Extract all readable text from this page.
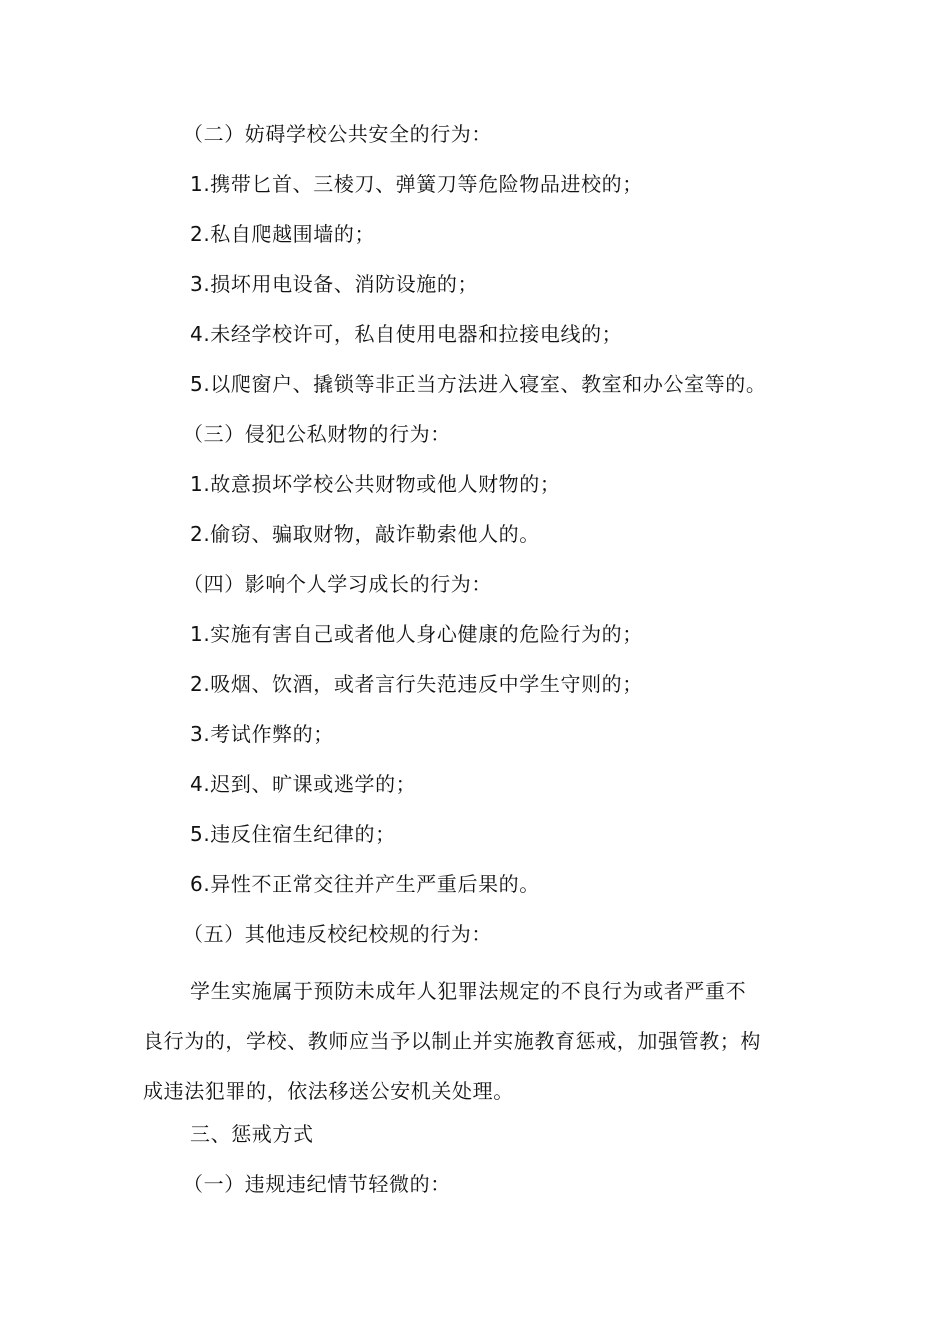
（二）妨碍学校公共安全的行为：
1.携带匕首、三棱刀、弹簧刀等危险物品进校的；
2.私自爬越围墙的；
3.损坏用电设备、消防设施的；
4.未经学校许可，私自使用电器和拉接电线的；
5.以爬窗户、撬锁等非正当方法进入寝室、教室和办公室等的。
（三）侵犯公私财物的行为：
1.故意损坏学校公共财物或他人财物的；
2.偷窃、骗取财物，敲诈勒索他人的。
（四）影响个人学习成长的行为：
1.实施有害自己或者他人身心健康的危险行为的；
2.吸烟、饮酒，或者言行失范违反中学生守则的；
3.考试作弊的；
4.迟到、旷课或逃学的；
5.违反住宿生纪律的；
6.异性不正常交往并产生严重后果的。
（五）其他违反校纪校规的行为：
学生实施属于预防未成年人犯罪法规定的不良行为或者严重不
良行为的，学校、教师应当予以制止并实施教育惩戒，加强管教；构
成违法犯罪的，依法移送公安机关处理。
三、惩戒方式
（一）违规违纪情节轻微的：
